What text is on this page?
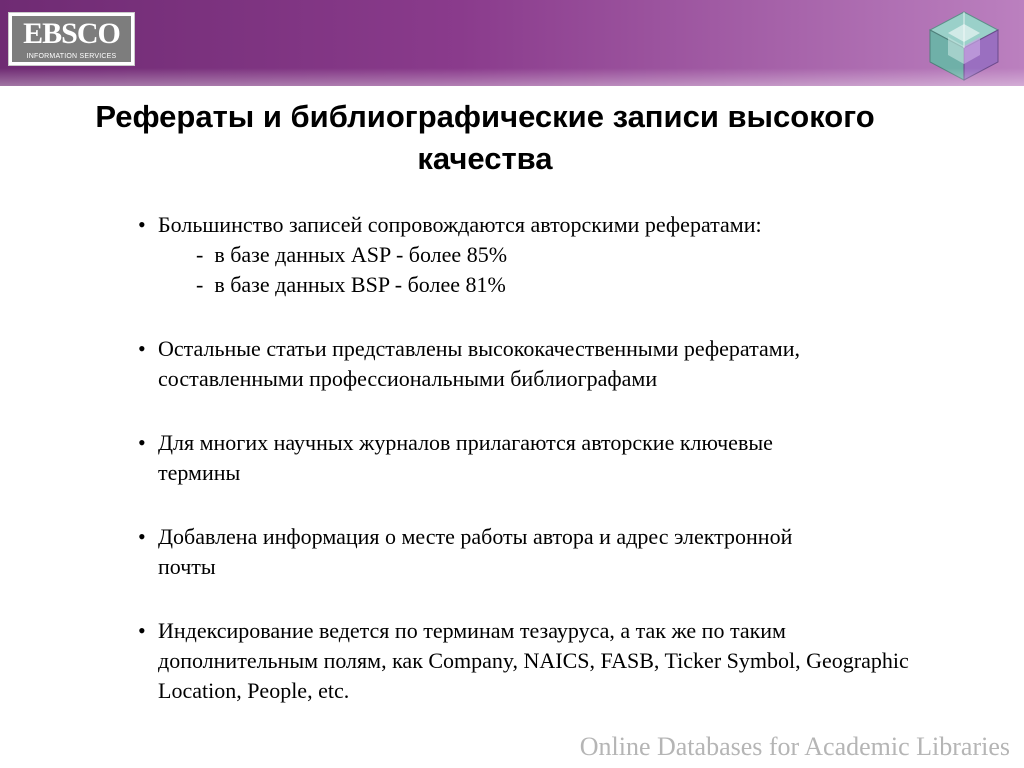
EBSCO
INFORMATION SERVICES
Рефераты и библиографические записи высокого качества
• Большинство записей сопровождаются авторскими рефератами:
-  в базе данных ASP - более 85%
-  в базе данных BSP - более 81%
• Остальные статьи представлены высококачественными рефератами, составленными профессиональными библиографами
• Для многих научных журналов прилагаются авторские ключевые термины
• Добавлена информация о месте работы автора и адрес электронной почты
• Индексирование ведется по терминам тезауруса, а так же по таким дополнительным полям, как Company, NAICS, FASB, Ticker Symbol, Geographic Location, People, etc.
Online Databases for Academic Libraries
